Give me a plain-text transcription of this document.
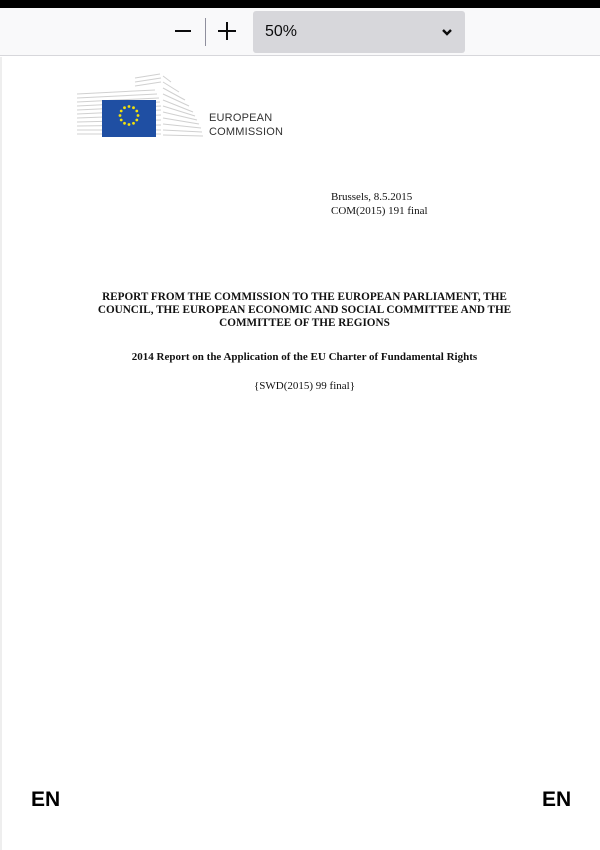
50%
EUROPEAN
COMMISSION
Brussels, 8.5.2015
COM(2015) 191 final
REPORT FROM THE COMMISSION TO THE EUROPEAN PARLIAMENT, THE
COUNCIL, THE EUROPEAN ECONOMIC AND SOCIAL COMMITTEE AND THE
COMMITTEE OF THE REGIONS
2014 Report on the Application of the EU Charter of Fundamental Rights
{SWD(2015) 99 final}
EN	EN
